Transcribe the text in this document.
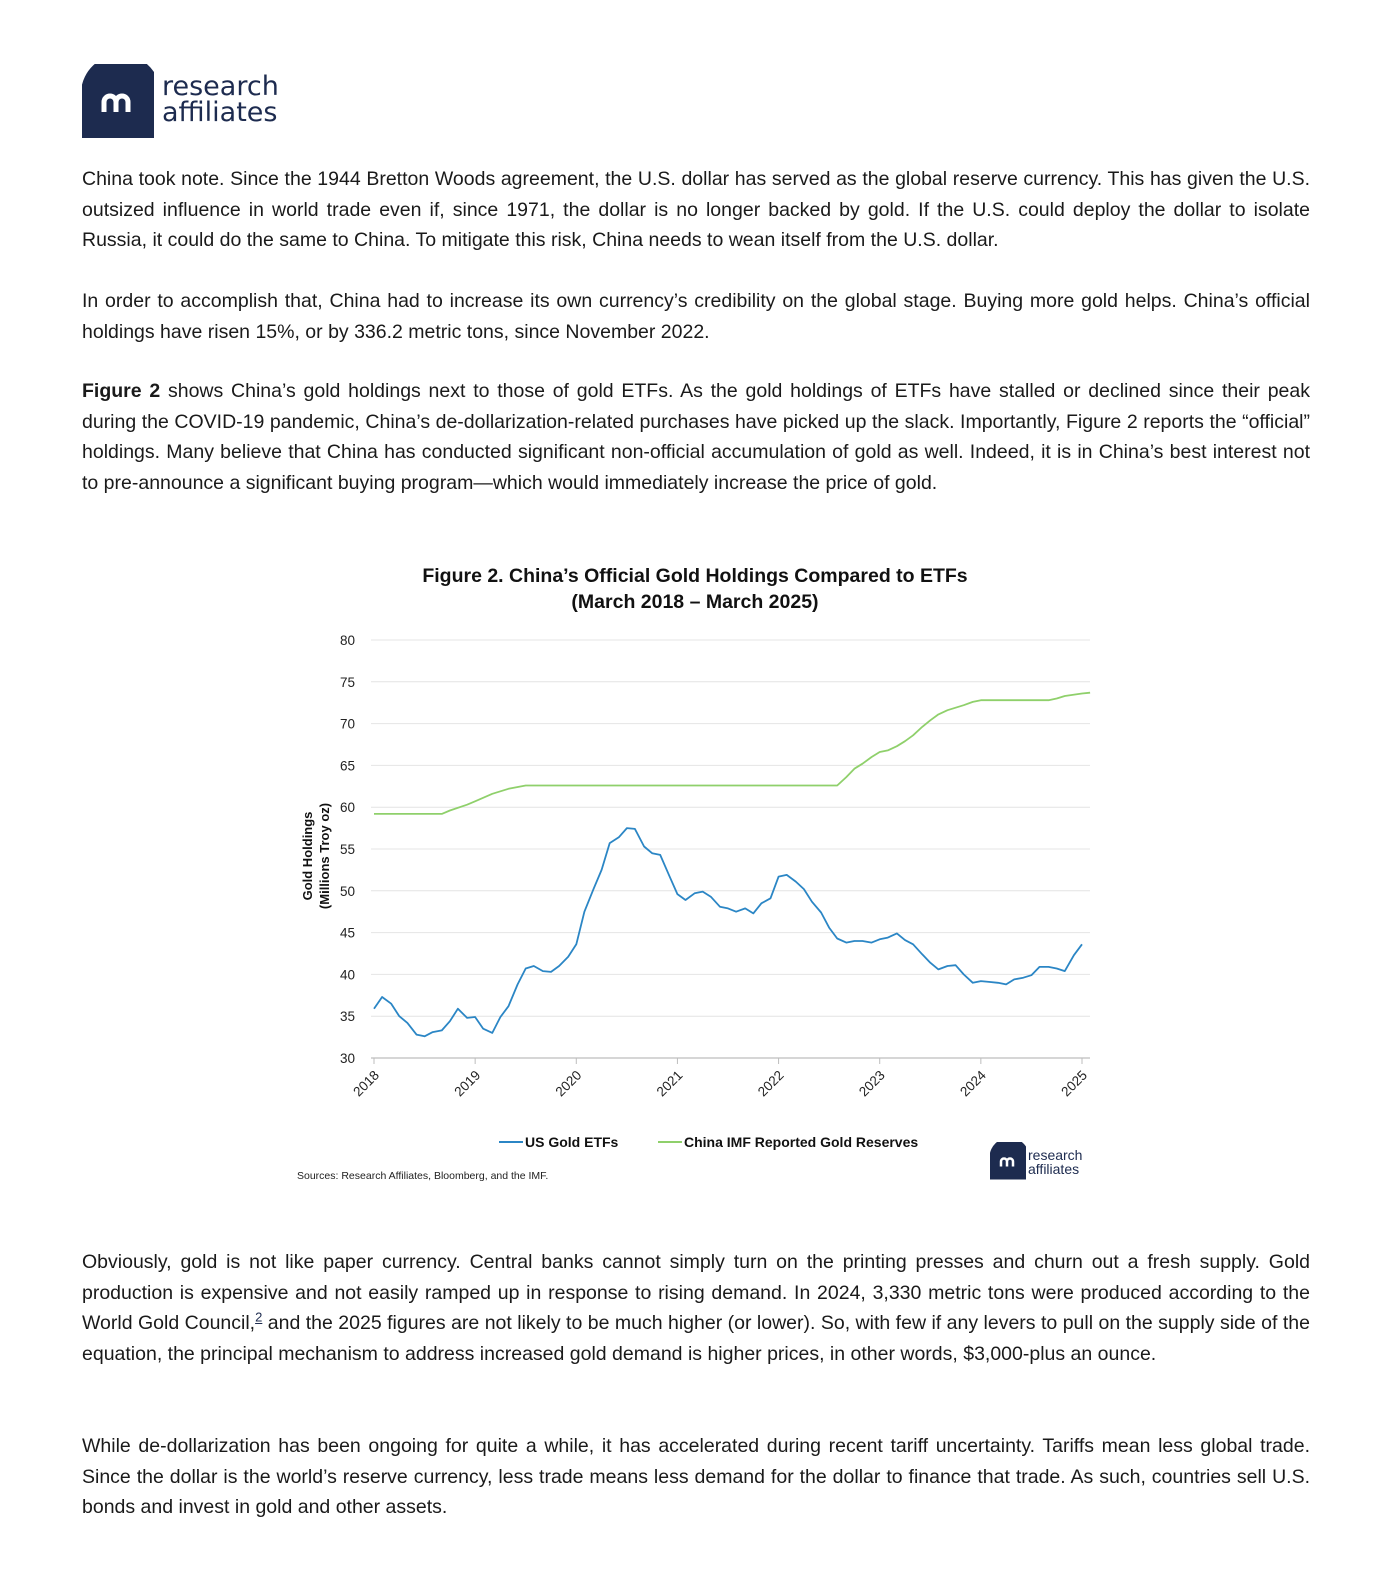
research
affiliates

China took note. Since the 1944 Bretton Woods agreement, the U.S. dollar has served as the global reserve currency. This has given the U.S. outsized influence in world trade even if, since 1971, the dollar is no longer backed by gold. If the U.S. could deploy the dollar to isolate Russia, it could do the same to China. To mitigate this risk, China needs to wean itself from the U.S. dollar.

In order to accomplish that, China had to increase its own currency’s credibility on the global stage. Buying more gold helps. China’s official holdings have risen 15%, or by 336.2 metric tons, since November 2022.

Figure 2 shows China’s gold holdings next to those of gold ETFs. As the gold holdings of ETFs have stalled or declined since their peak during the COVID-19 pandemic, China’s de-dollarization-related purchases have picked up the slack. Importantly, Figure 2 reports the “official” holdings. Many believe that China has conducted significant non-official accumulation of gold as well. Indeed, it is in China’s best interest not to pre-announce a significant buying program—which would immediately increase the price of gold.

Figure 2. China’s Official Gold Holdings Compared to ETFs
(March 2018 – March 2025)
30
35
40
45
50
55
60
65
70
75
80
2018	2019	2020	2021	2022	2023	2024	2025
Gold Holdings (Millions Troy oz)
US Gold ETFs	China IMF Reported Gold Reserves
Sources: Research Affiliates, Bloomberg, and the IMF.
research
affiliates

Obviously, gold is not like paper currency. Central banks cannot simply turn on the printing presses and churn out a fresh supply. Gold production is expensive and not easily ramped up in response to rising demand. In 2024, 3,330 metric tons were produced according to the World Gold Council,$^2$ and the 2025 figures are not likely to be much higher (or lower). So, with few if any levers to pull on the supply side of the equation, the principal mechanism to address increased gold demand is higher prices, in other words, $3,000-plus an ounce.

While de-dollarization has been ongoing for quite a while, it has accelerated during recent tariff uncertainty. Tariffs mean less global trade. Since the dollar is the world’s reserve currency, less trade means less demand for the dollar to finance that trade. As such, countries sell U.S. bonds and invest in gold and other assets.
